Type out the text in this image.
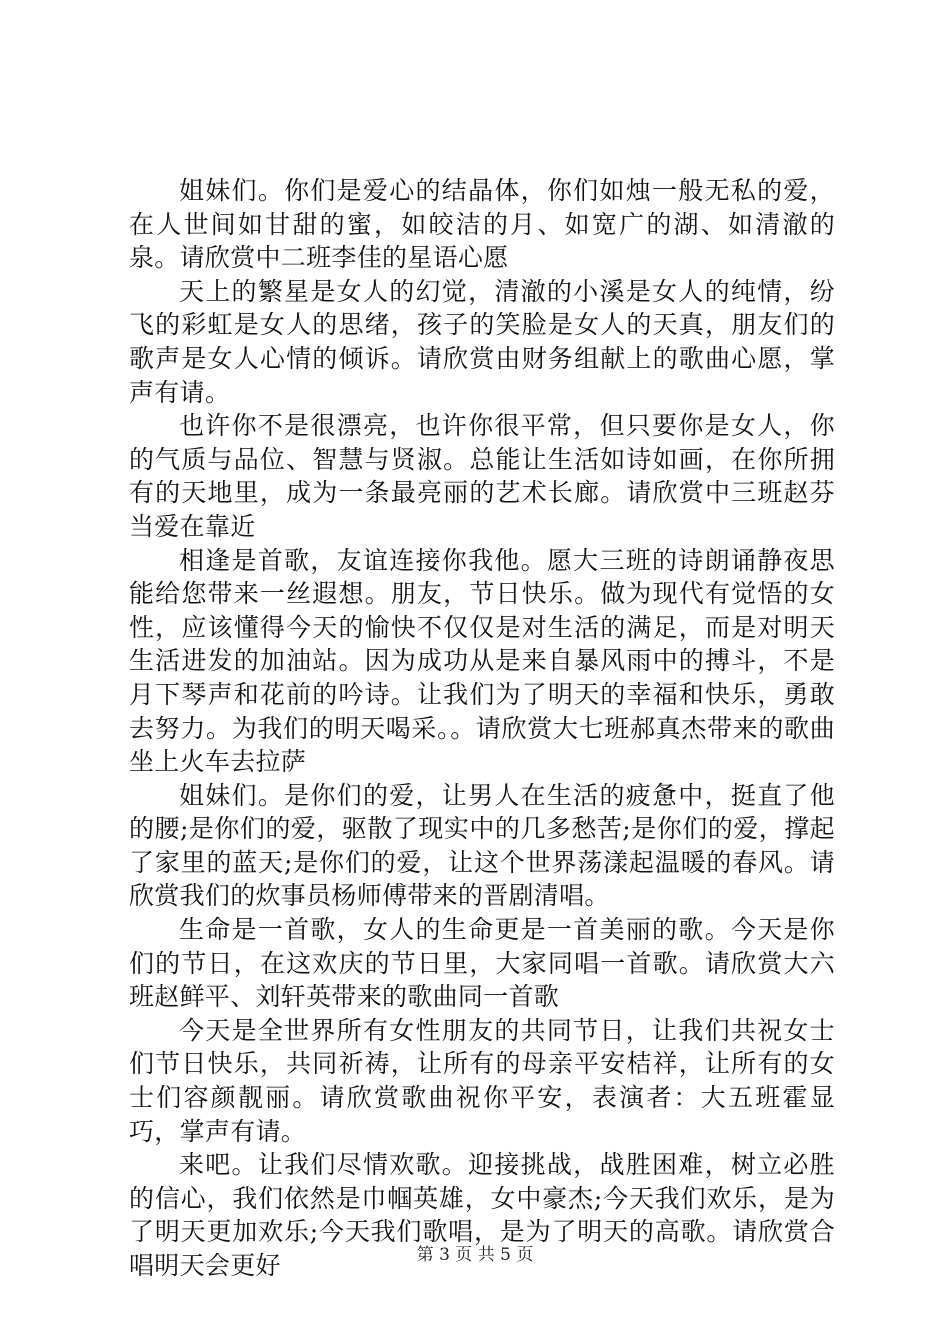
姐妹们。你们是爱心的结晶体，你们如烛一般无私的爱，在人世间如甘甜的蜜，如皎洁的月、如宽广的湖、如清澈的泉。请欣赏中二班李佳的星语心愿

天上的繁星是女人的幻觉，清澈的小溪是女人的纯情，纷飞的彩虹是女人的思绪，孩子的笑脸是女人的天真，朋友们的歌声是女人心情的倾诉。请欣赏由财务组献上的歌曲心愿，掌声有请。

也许你不是很漂亮，也许你很平常，但只要你是女人，你的气质与品位、智慧与贤淑。总能让生活如诗如画，在你所拥有的天地里，成为一条最亮丽的艺术长廊。请欣赏中三班赵芬当爱在靠近

相逢是首歌，友谊连接你我他。愿大三班的诗朗诵静夜思能给您带来一丝遐想。朋友，节日快乐。做为现代有觉悟的女性，应该懂得今天的愉快不仅仅是对生活的满足，而是对明天生活进发的加油站。因为成功从是来自暴风雨中的搏斗，不是月下琴声和花前的吟诗。让我们为了明天的幸福和快乐，勇敢去努力。为我们的明天喝采。。请欣赏大七班郝真杰带来的歌曲坐上火车去拉萨

姐妹们。是你们的爱，让男人在生活的疲惫中，挺直了他的腰;是你们的爱，驱散了现实中的几多愁苦;是你们的爱，撑起了家里的蓝天;是你们的爱，让这个世界荡漾起温暖的春风。请欣赏我们的炊事员杨师傅带来的晋剧清唱。

生命是一首歌，女人的生命更是一首美丽的歌。今天是你们的节日，在这欢庆的节日里，大家同唱一首歌。请欣赏大六班赵鲜平、刘轩英带来的歌曲同一首歌

今天是全世界所有女性朋友的共同节日，让我们共祝女士们节日快乐，共同祈祷，让所有的母亲平安桔祥，让所有的女士们容颜靓丽。请欣赏歌曲祝你平安，表演者：大五班霍显巧，掌声有请。

来吧。让我们尽情欢歌。迎接挑战，战胜困难，树立必胜的信心，我们依然是巾帼英雄，女中豪杰;今天我们欢乐，是为了明天更加欢乐;今天我们歌唱，是为了明天的高歌。请欣赏合唱明天会更好	第 3 页 共 5 页
